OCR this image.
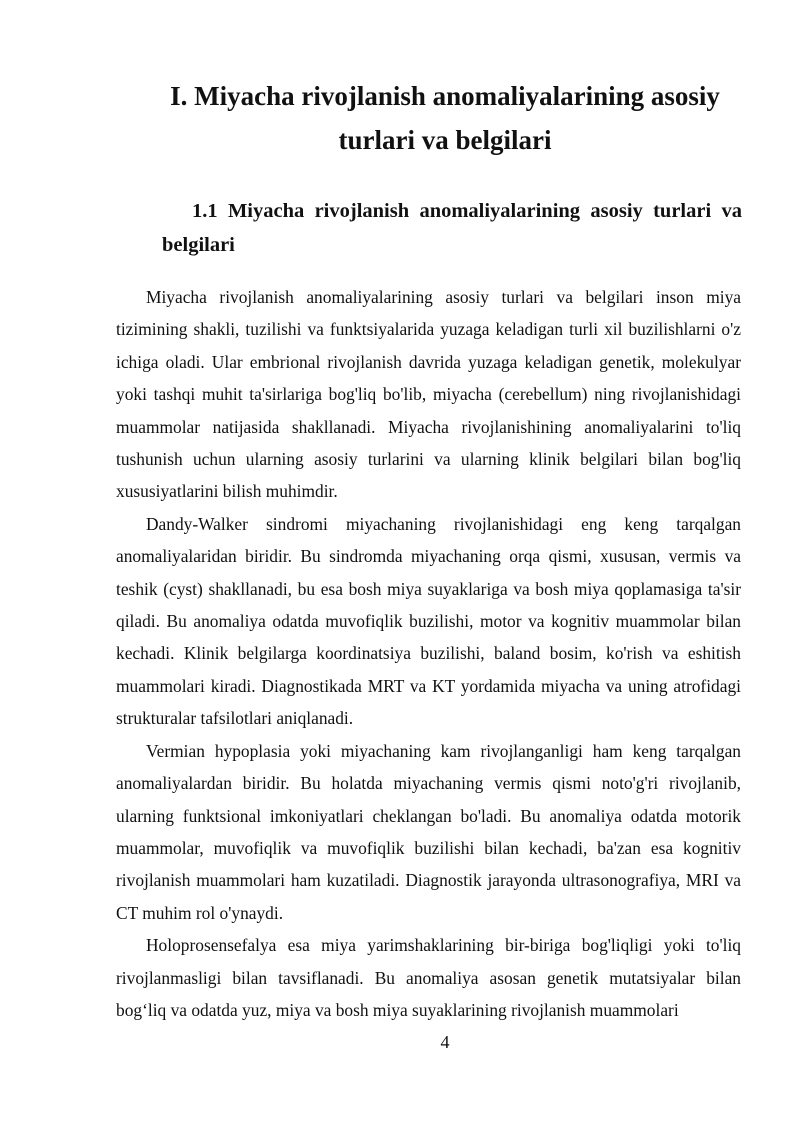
I. Miyacha rivojlanish anomaliyalarining asosiy turlari va belgilari
1.1 Miyacha rivojlanish anomaliyalarining asosiy turlari va belgilari

Miyacha rivojlanish anomaliyalarining asosiy turlari va belgilari inson miya tizimining shakli, tuzilishi va funktsiyalarida yuzaga keladigan turli xil buzilishlarni o'z ichiga oladi. Ular embrional rivojlanish davrida yuzaga keladigan genetik, molekulyar yoki tashqi muhit ta'sirlariga bog'liq bo'lib, miyacha (cerebellum) ning rivojlanishidagi muammolar natijasida shakllanadi. Miyacha rivojlanishining anomaliyalarini to'liq tushunish uchun ularning asosiy turlarini va ularning klinik belgilari bilan bog'liq xususiyatlarini bilish muhimdir.

Dandy-Walker sindromi miyachaning rivojlanishidagi eng keng tarqalgan anomaliyalaridan biridir. Bu sindromda miyachaning orqa qismi, xususan, vermis va teshik (cyst) shakllanadi, bu esa bosh miya suyaklariga va bosh miya qoplamasiga ta'sir qiladi. Bu anomaliya odatda muvofiqlik buzilishi, motor va kognitiv muammolar bilan kechadi. Klinik belgilarga koordinatsiya buzilishi, baland bosim, ko'rish va eshitish muammolari kiradi. Diagnostikada MRT va KT yordamida miyacha va uning atrofidagi strukturalar tafsilotlari aniqlanadi.

Vermian hypoplasia yoki miyachaning kam rivojlanganligi ham keng tarqalgan anomaliyalardan biridir. Bu holatda miyachaning vermis qismi noto'g'ri rivojlanib, ularning funktsional imkoniyatlari cheklangan bo'ladi. Bu anomaliya odatda motorik muammolar, muvofiqlik va muvofiqlik buzilishi bilan kechadi, ba'zan esa kognitiv rivojlanish muammolari ham kuzatiladi. Diagnostik jarayonda ultrasonografiya, MRI va CT muhim rol o'ynaydi.

Holoprosensefalya esa miya yarimshaklarining bir-biriga bog'liqligi yoki to'liq rivojlanmasligi bilan tavsiflanadi. Bu anomaliya asosan genetik mutatsiyalar bilan bog‘liq va odatda yuz, miya va bosh miya suyaklarining rivojlanish muammolari

4
